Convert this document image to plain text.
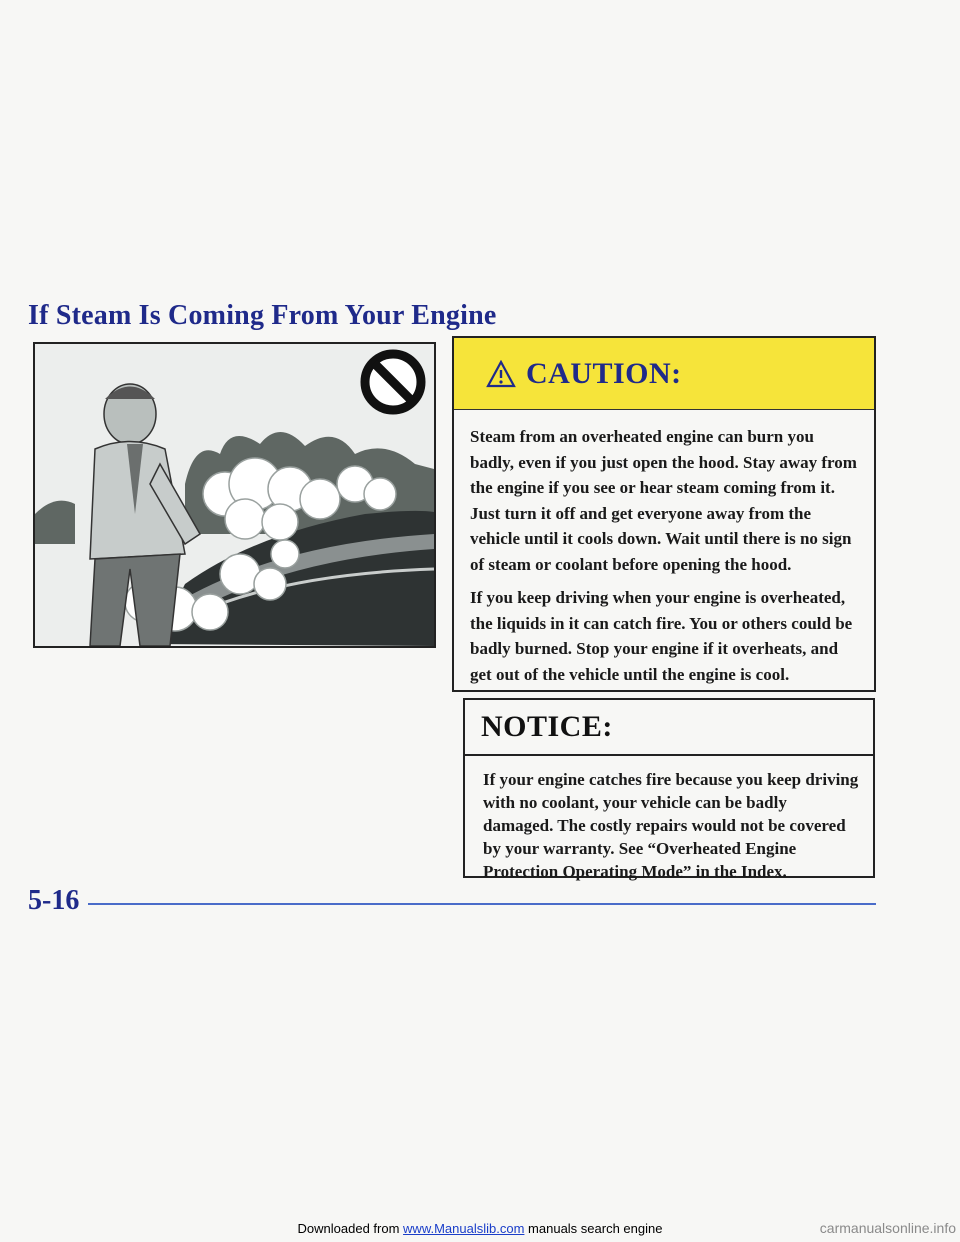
If Steam Is Coming From Your Engine
CAUTION:

Steam from an overheated engine can burn you badly, even if you just open the hood. Stay away from the engine if you see or hear steam coming from it. Just turn it off and get everyone away from the vehicle until it cools down. Wait until there is no sign of steam or coolant before opening the hood.

If you keep driving when your engine is overheated, the liquids in it can catch fire. You or others could be badly burned. Stop your engine if it overheats, and get out of the vehicle until the engine is cool.

NOTICE:

If your engine catches fire because you keep driving with no coolant, your vehicle can be badly damaged. The costly repairs would not be covered by your warranty. See “Overheated Engine Protection Operating Mode” in the Index.

5-16
Downloaded from www.Manualslib.com manuals search engine	carmanualsonline.info
